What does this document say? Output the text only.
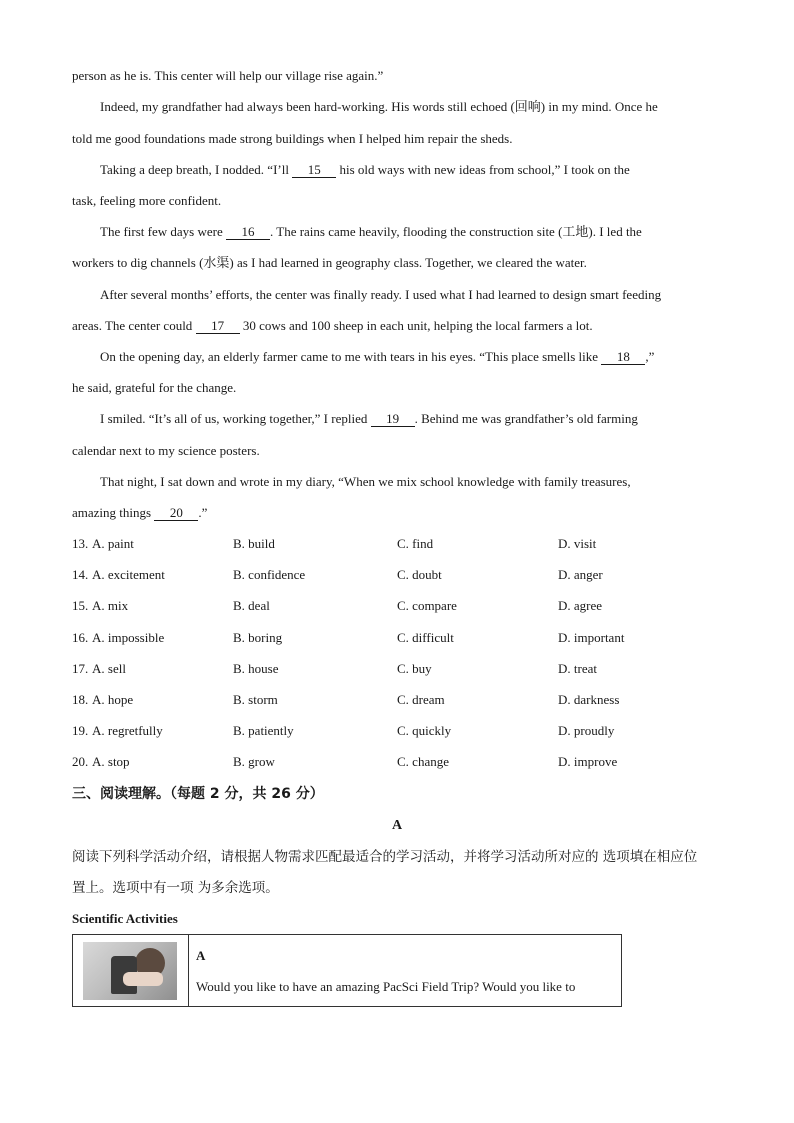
person as he is. This center will help our village rise again.”
Indeed, my grandfather had always been hard-working. His words still echoed (回响) in my mind. Once he
told me good foundations made strong buildings when I helped him repair the sheds.
Taking a deep breath, I nodded. “I’ll 15 his old ways with new ideas from school,” I took on the
task, feeling more confident.
The first few days were 16 . The rains came heavily, flooding the construction site (工地). I led the
workers to dig channels (水渠) as I had learned in geography class. Together, we cleared the water.
After several months’ efforts, the center was finally ready. I used what I had learned to design smart feeding
areas. The center could 17 30 cows and 100 sheep in each unit, helping the local farmers a lot.
On the opening day, an elderly farmer came to me with tears in his eyes. “This place smells like 18 ,”
he said, grateful for the change.
I smiled. “It’s all of us, working together,” I replied 19 . Behind me was grandfather’s old farming
calendar next to my science posters.
That night, I sat down and wrote in my diary, “When we mix school knowledge with family treasures,
amazing things 20 .”
13. A. paint	B. build	C. find	D. visit
14. A. excitement	B. confidence	C. doubt	D. anger
15. A. mix	B. deal	C. compare	D. agree
16. A. impossible	B. boring	C. difficult	D. important
17. A. sell	B. house	C. buy	D. treat
18. A. hope	B. storm	C. dream	D. darkness
19. A. regretfully	B. patiently	C. quickly	D. proudly
20. A. stop	B. grow	C. change	D. improve
三、阅读理解。（每题 2 分，共 26 分）
A
阅读下列科学活动介绍，请根据人物需求匹配最适合的学习活动，并将学习活动所对应的 选项填在相应位
置上。选项中有一项 为多余选项。
Scientific Activities
A
Would you like to have an amazing PacSci Field Trip? Would you like to
